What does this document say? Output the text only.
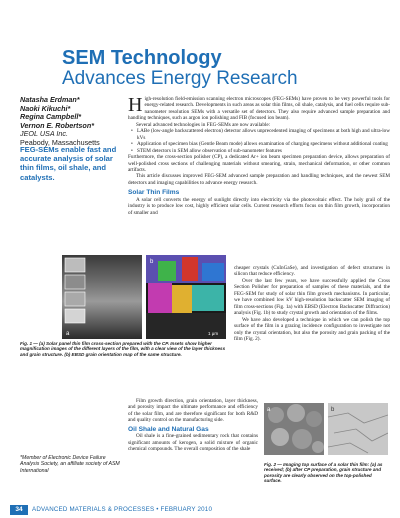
SEM Technology
Advances Energy Research
Natasha Erdman*
Naoki Kikuchi*
Regina Campbell*
Vernon E. Robertson*
JEOL USA Inc.
Peabody, Massachusetts
FEG-SEMs enable fast and accurate analysis of solar thin films, oil shale, and catalysts.
H igh-resolution field-emission scanning electron microscopes (FEG-SEMs) have proven to be very powerful tools for energy-related research. Developments in such areas as solar thin films, oil shale, catalysis, and fuel cells require sub-nanometer resolution SEMs with a versatile set of detectors. They also require advanced sample preparation and handling techniques, such as argon ion polishing and FIB (focused ion beam).
Several advanced technologies in FEG-SEMs are now available:
• LABe (low-angle backscattered electron) detector allows unprecedented imaging of specimens at both high and ultra-low kVs
• Application of specimen bias (Gentle Beam mode) allows examination of charging specimens without additional coating
• STEM detectors in SEM allow observation of sub-nanometer features
Furthermore, the cross-section polisher (CP), a dedicated Ar+ ion beam specimen preparation device, allows preparation of well-polished cross sections of challenging materials without smearing, strain, mechanical deformation, or other common artifacts.
This article discusses improved FEG-SEM advanced sample preparation and handling techniques, and the newest SEM detectors and imaging capabilities to advance energy research.
Solar Thin Films
A solar cell converts the energy of sunlight directly into electricity via the photovoltaic effect. The holy grail of the industry is to produce low cost, highly efficient solar cells. Current research efforts focus on thin film growth, incorporation of smaller and
cheaper crystals (CuInGaSe), and investigation of defect structures in silicon that reduce efficiency.
Over the last few years, we have successfully applied the Cross Section Polisher for preparation of samples of these materials, and the FEG-SEM for study of solar thin film growth mechanisms. In particular, we have combined low kV high-resolution backscatter SEM imaging of film cross-sections (Fig. 1a) with EBSD (Electron Backscatter Diffraction) analysis (Fig. 1b) to study crystal growth and orientation of the films.
We have also developed a technique in which we can polish the top surface of the film in a grazing incidence configuration to investigate not only the crystal orientation, but also the porosity and grain packing of the film (Fig. 2).
a
b
1 μm
Fig. 1 — (a) Solar panel thin film cross-section prepared with the CP. Insets show higher magnification images of the different layers of the film, with a clear view of the layer thickness and grain structure. (b) EBSD grain orientation map of the same structure.
Film growth direction, grain orientation, layer thickness, and porosity impact the ultimate performance and efficiency of the solar film, and are therefore significant for both R&D and quality control on the manufacturing side.
Oil Shale and Natural Gas
Oil shale is a fine-grained sedimentary rock that contains significant amounts of kerogen, a solid mixture of organic chemical compounds. The overall composition of the shale
a	b
Fig. 2 — Imaging top surface of a solar thin film: (a) as received; (b) after CP preparation, grain structure and porosity are clearly observed on the top-polished surface.
*Member of Electronic Device Failure Analysis Society, an affiliate society of ASM International
34	ADVANCED MATERIALS & PROCESSES • FEBRUARY 2010
